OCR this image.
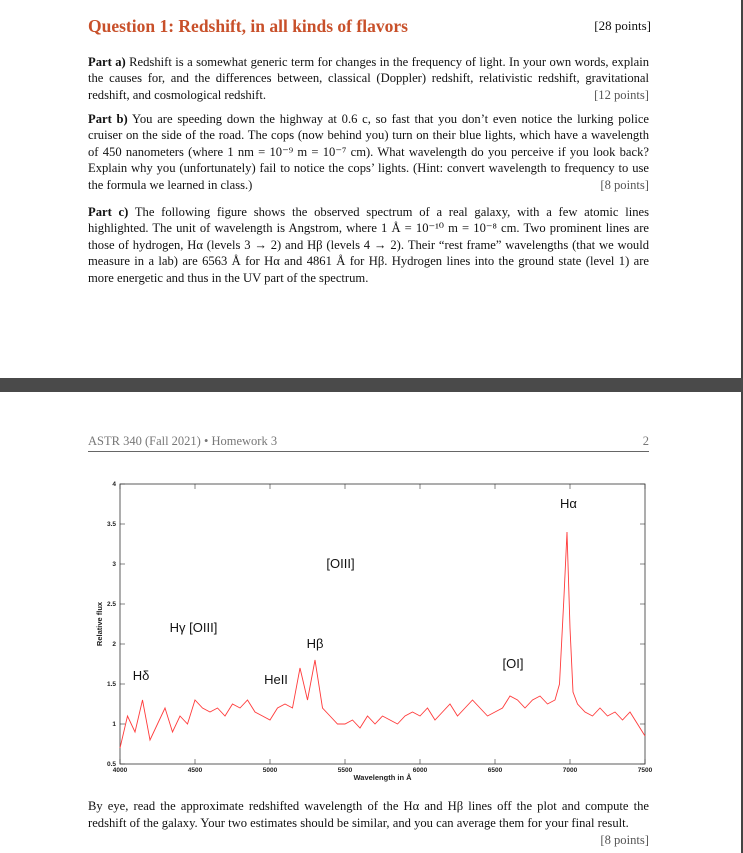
Question 1: Redshift, in all kinds of flavors	[28 points]
Part a) Redshift is a somewhat generic term for changes in the frequency of light. In your own words, explain the causes for, and the differences between, classical (Doppler) redshift, relativistic redshift, gravitational redshift, and cosmological redshift.	[12 points]
Part b) You are speeding down the highway at 0.6 c, so fast that you don’t even notice the lurking police cruiser on the side of the road. The cops (now behind you) turn on their blue lights, which have a wavelength of 450 nanometers (where 1 nm = 10⁻⁹ m = 10⁻⁷ cm). What wavelength do you perceive if you look back? Explain why you (unfortunately) fail to notice the cops’ lights. (Hint: convert wavelength to frequency to use the formula we learned in class.)	[8 points]
Part c) The following figure shows the observed spectrum of a real galaxy, with a few atomic lines highlighted. The unit of wavelength is Angstrom, where 1 Å = 10⁻¹⁰ m = 10⁻⁸ cm. Two prominent lines are those of hydrogen, Hα (levels 3 → 2) and Hβ (levels 4 → 2). Their “rest frame” wavelengths (that we would measure in a lab) are 6563 Å for Hα and 4861 Å for Hβ. Hydrogen lines into the ground state (level 1) are more energetic and thus in the UV part of the spectrum.
ASTR 340 (Fall 2021) • Homework 3	2
4000	4500	5000	5500	6000	6500	7000	7500
0.5
1
1.5
2
2.5
3
3.5
4
Wavelength in Å
Relative flux
Hδ
Hγ [OIII]
HeII
Hβ
[OIII]
[OI]
Hα
By eye, read the approximate redshifted wavelength of the Hα and Hβ lines off the plot and compute the redshift of the galaxy. Your two estimates should be similar, and you can average them for your final result.
[8 points]
